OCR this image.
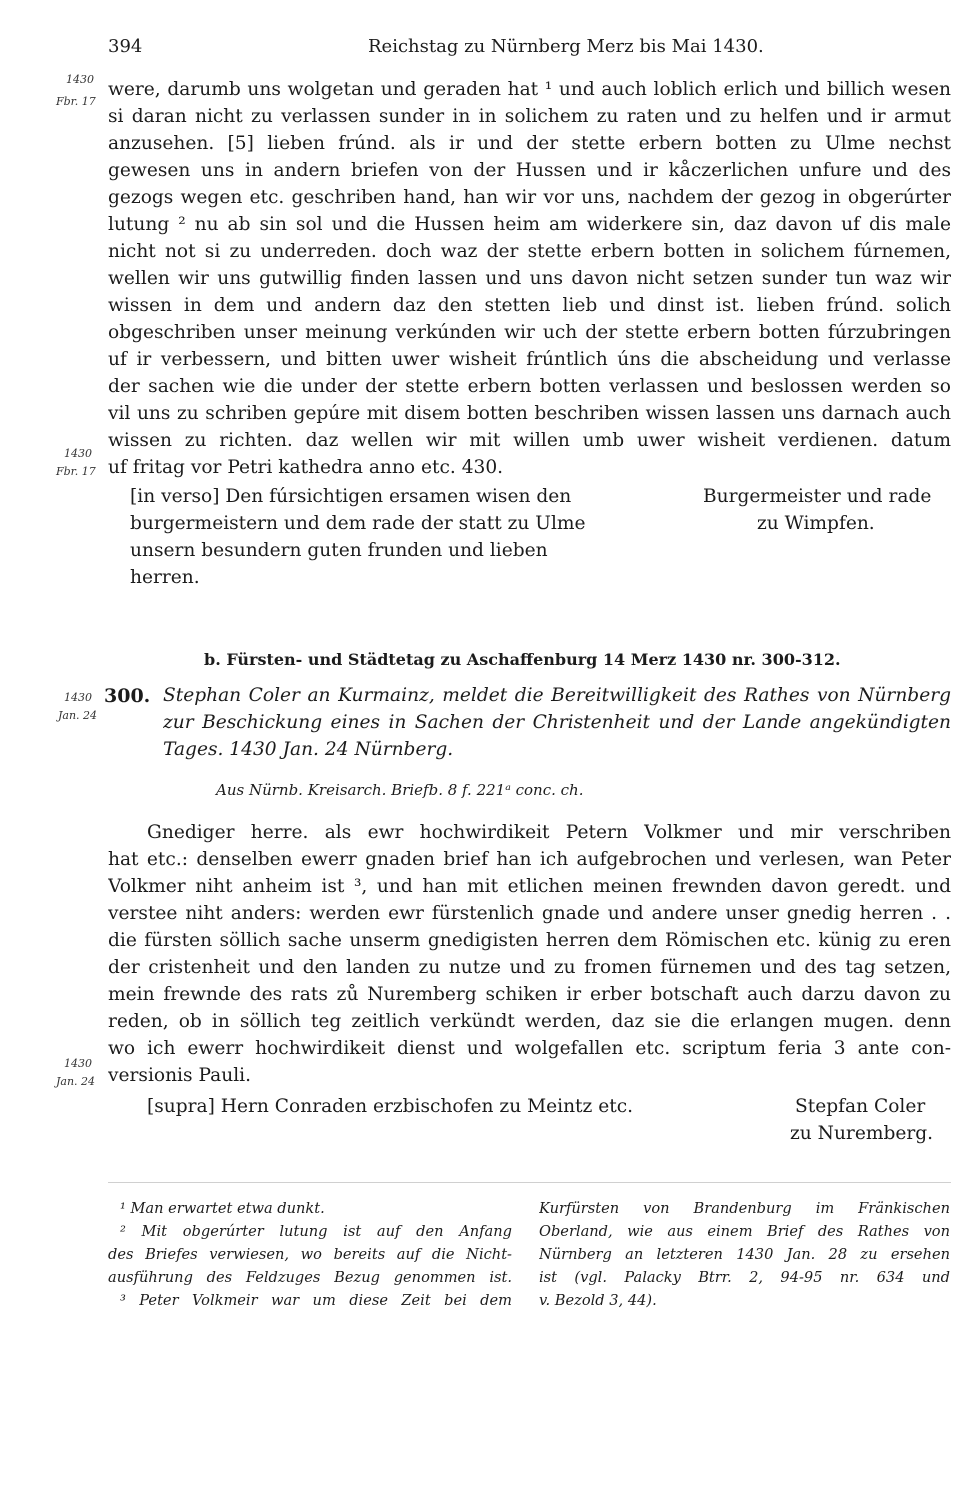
394	Reichstag zu Nürnberg Merz bis Mai 1430.
1430
Fbr. 17
were, darumb uns wolgetan und geraden hat ¹ und auch loblich erlich und billich wesen
si daran nicht zu verlassen sunder in in solichem zu raten und zu helfen und ir armut
anzusehen. [5] lieben frúnd. als ir und der stette erbern botten zu Ulme nechst
gewesen uns in andern briefen von der Hussen und ir kåczerlichen unfure und des
gezogs wegen etc. geschriben hand, han wir vor uns, nachdem der gezog in obgerúrter
lutung ² nu ab sin sol und die Hussen heim am widerkere sin, daz davon uf dis male
nicht not si zu underreden. doch waz der stette erbern botten in solichem fúrnemen,
wellen wir uns gutwillig finden lassen und uns davon nicht setzen sunder tun waz wir
wissen in dem und andern daz den stetten lieb und dinst ist. lieben frúnd. solich
obgeschriben unser meinung verkúnden wir uch der stette erbern botten fúrzubringen
uf ir verbessern, und bitten uwer wisheit frúntlich úns die abscheidung und verlasse
der sachen wie die under der stette erbern botten verlassen und beslossen werden so
vil uns zu schriben gepúre mit disem botten beschriben wissen lassen uns darnach auch
wissen zu richten. daz wellen wir mit willen umb uwer wisheit verdienen. datum
uf fritag vor Petri kathedra anno etc. 430.
1430
Fbr. 17
[in verso] Den fúrsichtigen ersamen wisen den
burgermeistern und dem rade der statt zu Ulme
unsern besundern guten frunden und lieben
herren.
Burgermeister und rade
zu Wimpfen.
b. Fürsten- und Städtetag zu Aschaffenburg 14 Merz 1430 nr. 300-312.
1430
Jan. 24
300. Stephan Coler an Kurmainz, meldet die Bereitwilligkeit des Rathes von Nürnberg
zur Beschickung eines in Sachen der Christenheit und der Lande angekündigten
Tages. 1430 Jan. 24 Nürnberg.
Aus Nürnb. Kreisarch. Briefb. 8 f. 221ᵃ conc. ch.
Gnediger herre. als ewr hochwirdikeit Petern Volkmer und mir verschriben
hat etc.: denselben ewerr gnaden brief han ich aufgebrochen und verlesen, wan Peter
Volkmer niht anheim ist ³, und han mit etlichen meinen frewnden davon geredt. und
verstee niht anders: werden ewr fürstenlich gnade und andere unser gnedig herren . .
die fürsten söllich sache unserm gnedigisten herren dem Römischen etc. künig zu eren
der cristenheit und den landen zu nutze und zu fromen fürnemen und des tag setzen,
mein frewnde des rats zů Nuremberg schiken ir erber botschaft auch darzu davon zu
reden, ob in söllich teg zeitlich verkündt werden, daz sie die erlangen mugen. denn
wo ich ewerr hochwirdikeit dienst und wolgefallen etc. scriptum feria 3 ante con-
versionis Pauli.
1430
Jan. 24
[supra] Hern Conraden erzbischofen zu Meintz etc.	Stepfan Coler
zu Nuremberg.
¹ Man erwartet etwa dunkt.
² Mit obgerúrter lutung ist auf den Anfang
des Briefes verwiesen, wo bereits auf die Nicht-
ausführung des Feldzuges Bezug genommen ist.
³ Peter Volkmeir war um diese Zeit bei dem
Kurfürsten von Brandenburg im Fränkischen
Oberland, wie aus einem Brief des Rathes von
Nürnberg an letzteren 1430 Jan. 28 zu ersehen
ist (vgl. Palacky Btrr. 2, 94-95 nr. 634 und
v. Bezold 3, 44).
